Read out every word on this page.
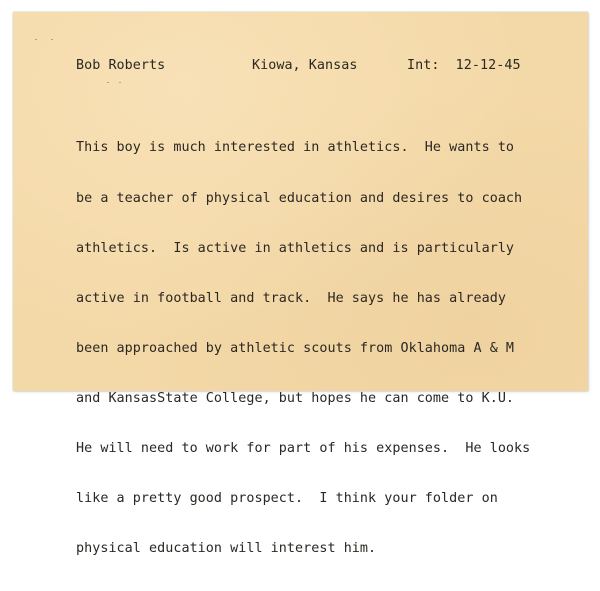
Bob Roberts	Kiowa, Kansas	Int:  12-12-45

This boy is much interested in athletics.  He wants to

be a teacher of physical education and desires to coach

athletics.  Is active in athletics and is particularly

active in football and track.  He says he has already

been approached by athletic scouts from Oklahoma A & M

and KansasState College, but hopes he can come to K.U.

He will need to work for part of his expenses.  He looks

like a pretty good prospect.  I think your folder on

physical education will interest him.
